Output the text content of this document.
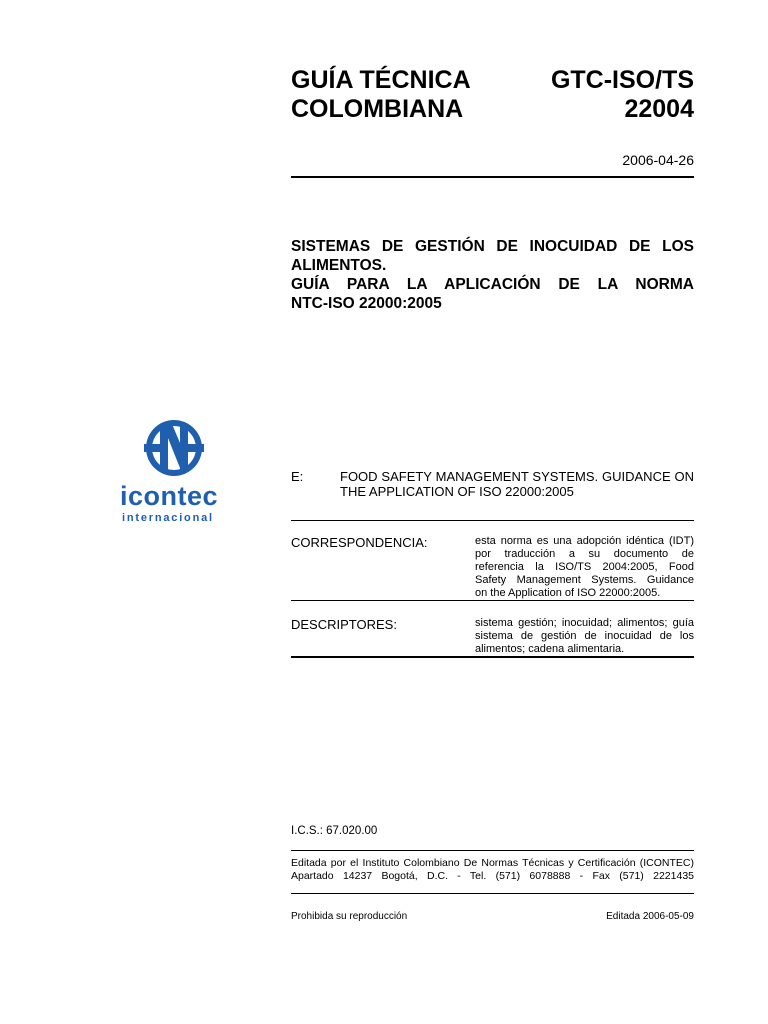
GUÍA TÉCNICA
COLOMBIANA
GTC-ISO/TS
22004
2006-04-26
SISTEMAS DE GESTIÓN DE INOCUIDAD DE LOS
ALIMENTOS.
GUÍA PARA LA APLICACIÓN DE LA NORMA
NTC-ISO 22000:2005
icontec
internacional
E:	FOOD SAFETY MANAGEMENT SYSTEMS. GUIDANCE ON
THE APPLICATION OF ISO 22000:2005
CORRESPONDENCIA:	esta norma es una adopción idéntica (IDT)
por traducción a su documento de
referencia la ISO/TS 2004:2005, Food
Safety Management Systems. Guidance
on the Application of ISO 22000:2005.
DESCRIPTORES:	sistema gestión; inocuidad; alimentos; guía
sistema de gestión de inocuidad de los
alimentos; cadena alimentaria.
I.C.S.: 67.020.00
Editada por el Instituto Colombiano De Normas Técnicas y Certificación (ICONTEC)
Apartado 14237 Bogotá, D.C. - Tel. (571) 6078888 - Fax (571) 2221435
Prohibida su reproducción	Editada 2006-05-09
